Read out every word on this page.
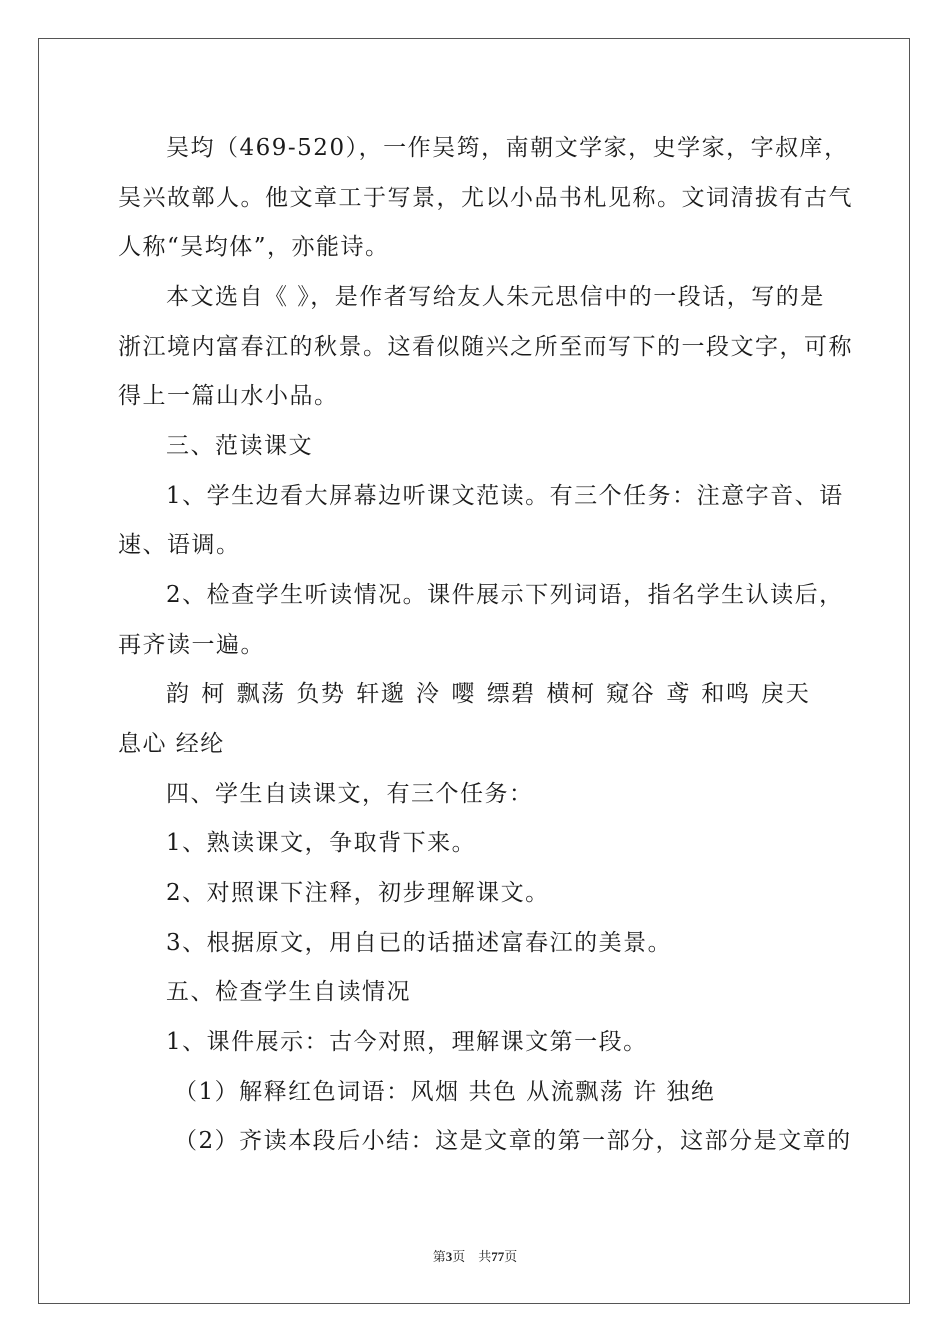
吴均（469-520），一作吴筠，南朝文学家，史学家，字叔庠，
吴兴故鄣人。他文章工于写景，尤以小品书札见称。文词清拔有古气
人称“吴均体”，亦能诗。
本文选自《 》，是作者写给友人朱元思信中的一段话，写的是
浙江境内富春江的秋景。这看似随兴之所至而写下的一段文字，可称
得上一篇山水小品。
三、范读课文
1、学生边看大屏幕边听课文范读。有三个任务：注意字音、语
速、语调。
2、检查学生听读情况。课件展示下列词语，指名学生认读后，
再齐读一遍。
韵 柯 飘荡 负势 轩邈 泠 嘤 缥碧 横柯 窥谷 鸢 和鸣 戾天
息心 经纶
四、学生自读课文，有三个任务：
1、熟读课文，争取背下来。
2、对照课下注释，初步理解课文。
3、根据原文，用自已的话描述富春江的美景。
五、检查学生自读情况
1、课件展示：古今对照，理解课文第一段。
（1）解释红色词语：风烟 共色 从流飘荡 许 独绝
（2）齐读本段后小结：这是文章的第一部分，这部分是文章的
第3页　共77页
